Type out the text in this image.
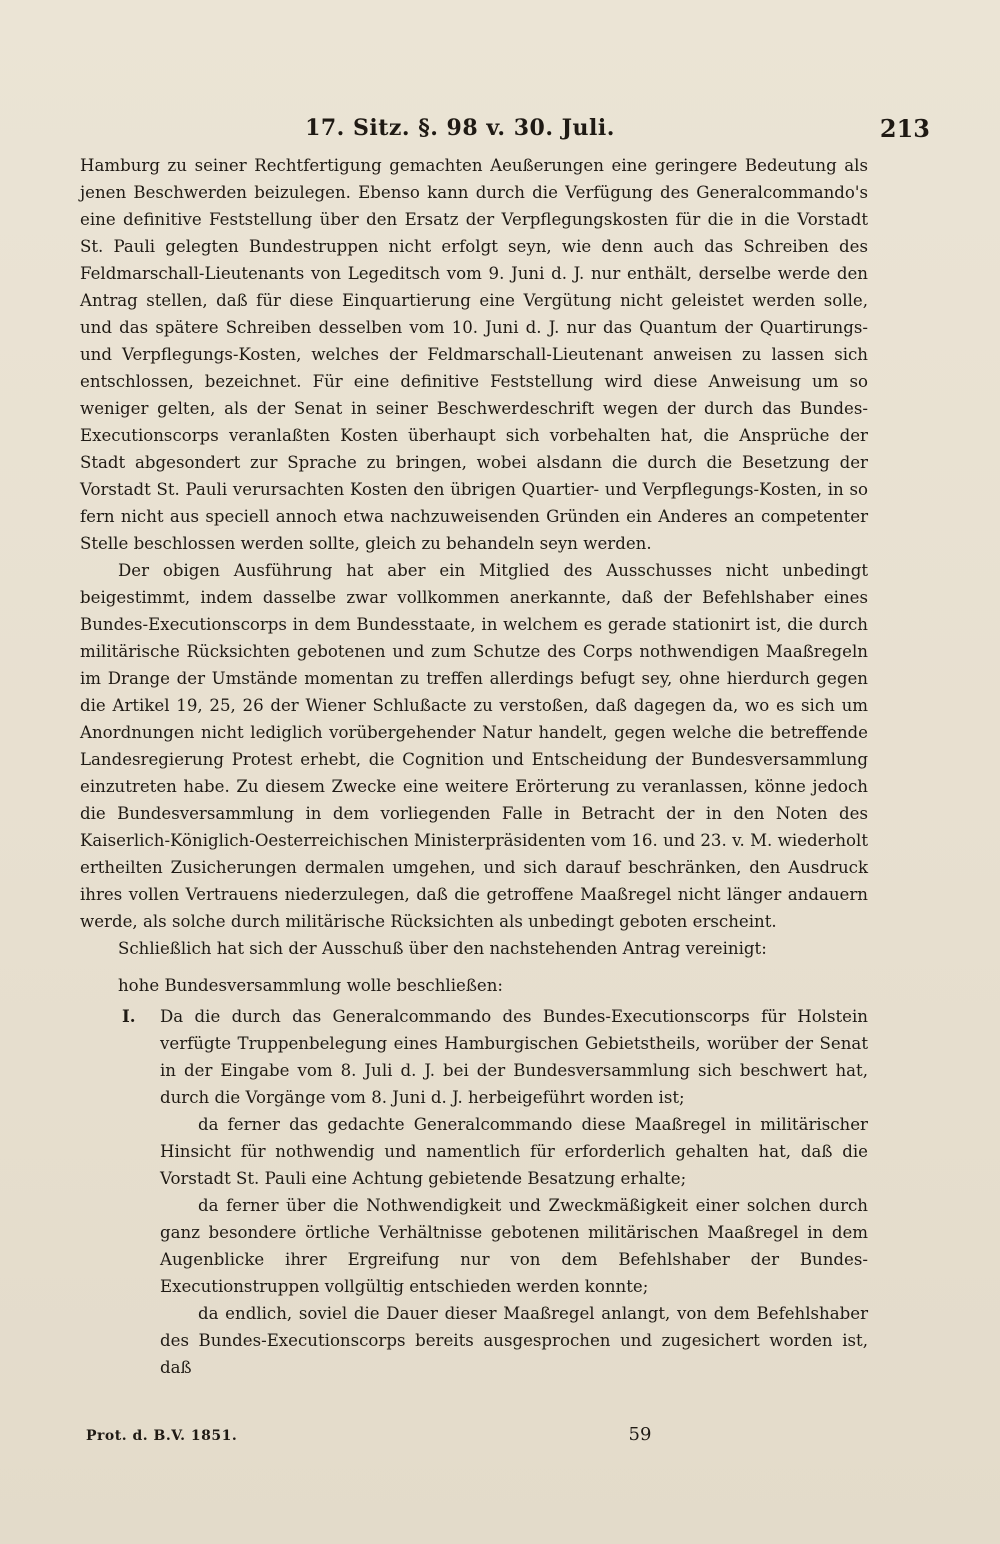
17. Sitz. §. 98 v. 30. Juli.	213

Hamburg zu seiner Rechtfertigung gemachten Aeußerungen eine geringere Bedeutung als jenen Beschwerden beizulegen. Ebenso kann durch die Verfügung des Generalcommando's eine definitive Feststellung über den Ersatz der Verpflegungskosten für die in die Vorstadt St. Pauli gelegten Bundestruppen nicht erfolgt seyn, wie denn auch das Schreiben des Feldmarschall-Lieutenants von Legeditsch vom 9. Juni d. J. nur enthält, derselbe werde den Antrag stellen, daß für diese Einquartierung eine Vergütung nicht geleistet werden solle, und das spätere Schreiben desselben vom 10. Juni d. J. nur das Quantum der Quartirungs- und Verpflegungs-Kosten, welches der Feldmarschall-Lieutenant anweisen zu lassen sich entschlossen, bezeichnet. Für eine definitive Feststellung wird diese Anweisung um so weniger gelten, als der Senat in seiner Beschwerdeschrift wegen der durch das Bundes-Executionscorps veranlaßten Kosten überhaupt sich vorbehalten hat, die Ansprüche der Stadt abgesondert zur Sprache zu bringen, wobei alsdann die durch die Besetzung der Vorstadt St. Pauli verursachten Kosten den übrigen Quartier- und Verpflegungs-Kosten, in so fern nicht aus speciell annoch etwa nachzuweisenden Gründen ein Anderes an competenter Stelle beschlossen werden sollte, gleich zu behandeln seyn werden.

Der obigen Ausführung hat aber ein Mitglied des Ausschusses nicht unbedingt beigestimmt, indem dasselbe zwar vollkommen anerkannte, daß der Befehlshaber eines Bundes-Executionscorps in dem Bundesstaate, in welchem es gerade stationirt ist, die durch militärische Rücksichten gebotenen und zum Schutze des Corps nothwendigen Maaßregeln im Drange der Umstände momentan zu treffen allerdings befugt sey, ohne hierdurch gegen die Artikel 19, 25, 26 der Wiener Schlußacte zu verstoßen, daß dagegen da, wo es sich um Anordnungen nicht lediglich vorübergehender Natur handelt, gegen welche die betreffende Landesregierung Protest erhebt, die Cognition und Entscheidung der Bundesversammlung einzutreten habe. Zu diesem Zwecke eine weitere Erörterung zu veranlassen, könne jedoch die Bundesversammlung in dem vorliegenden Falle in Betracht der in den Noten des Kaiserlich-Königlich-Oesterreichischen Ministerpräsidenten vom 16. und 23. v. M. wiederholt ertheilten Zusicherungen dermalen umgehen, und sich darauf beschränken, den Ausdruck ihres vollen Vertrauens niederzulegen, daß die getroffene Maaßregel nicht länger andauern werde, als solche durch militärische Rücksichten als unbedingt geboten erscheint.

Schließlich hat sich der Ausschuß über den nachstehenden Antrag vereinigt:

hohe Bundesversammlung wolle beschließen:

I. Da die durch das Generalcommando des Bundes-Executionscorps für Holstein verfügte Truppenbelegung eines Hamburgischen Gebietstheils, worüber der Senat in der Eingabe vom 8. Juli d. J. bei der Bundesversammlung sich beschwert hat, durch die Vorgänge vom 8. Juni d. J. herbeigeführt worden ist;

da ferner das gedachte Generalcommando diese Maaßregel in militärischer Hinsicht für nothwendig und namentlich für erforderlich gehalten hat, daß die Vorstadt St. Pauli eine Achtung gebietende Besatzung erhalte;

da ferner über die Nothwendigkeit und Zweckmäßigkeit einer solchen durch ganz besondere örtliche Verhältnisse gebotenen militärischen Maaßregel in dem Augenblicke ihrer Ergreifung nur von dem Befehlshaber der Bundes-Executionstruppen vollgültig entschieden werden konnte;

da endlich, soviel die Dauer dieser Maaßregel anlangt, von dem Befehlshaber des Bundes-Executionscorps bereits ausgesprochen und zugesichert worden ist, daß

Prot. d. B.V. 1851.	59
